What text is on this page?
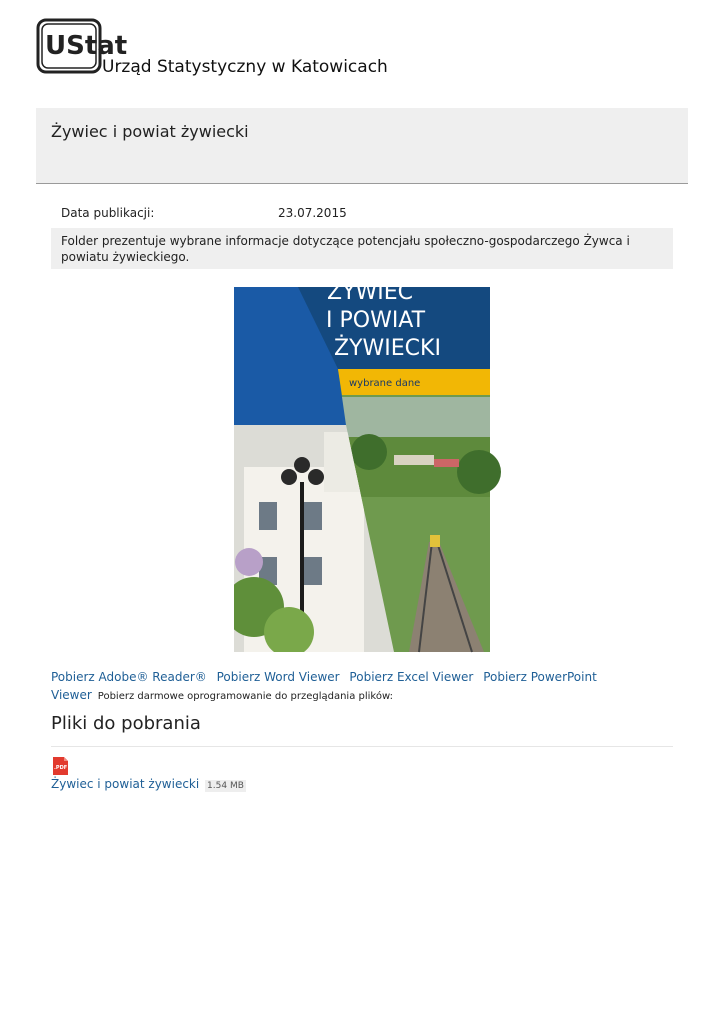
UStat
Urząd Statystyczny w Katowicach
Żywiec i powiat żywiecki
Data publikacji:	23.07.2015
Folder prezentuje wybrane informacje dotyczące potencjału społeczno-gospodarczego Żywca i powiatu żywieckiego.
ŻYWIEC
I POWIAT
ŻYWIECKI
wybrane dane
Pobierz Adobe® Reader® Pobierz Word Viewer Pobierz Excel Viewer Pobierz PowerPoint Viewer Pobierz darmowe oprogramowanie do przeglądania plików:
Pliki do pobrania
.PDF
Żywiec i powiat żywiecki 1.54 MB
